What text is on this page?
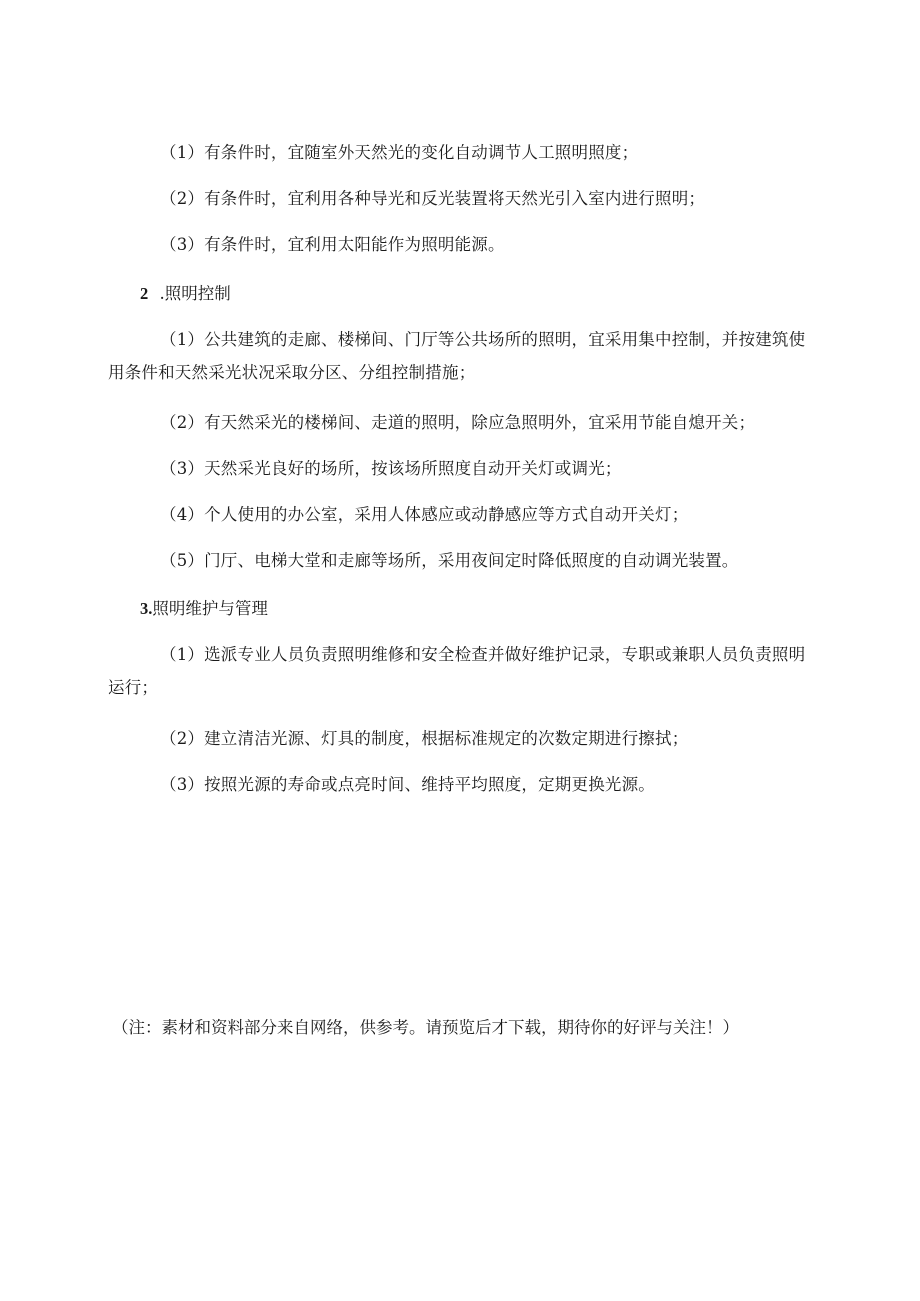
（1）有条件时，宜随室外天然光的变化自动调节人工照明照度；
（2）有条件时，宜利用各种导光和反光装置将天然光引入室内进行照明；
（3）有条件时，宜利用太阳能作为照明能源。
2 .照明控制
（1）公共建筑的走廊、楼梯间、门厅等公共场所的照明，宜采用集中控制，并按建筑使用条件和天然采光状况采取分区、分组控制措施；
（2）有天然采光的楼梯间、走道的照明，除应急照明外，宜采用节能自熄开关；
（3）天然采光良好的场所，按该场所照度自动开关灯或调光；
（4）个人使用的办公室，采用人体感应或动静感应等方式自动开关灯；
（5）门厅、电梯大堂和走廊等场所，采用夜间定时降低照度的自动调光装置。
3.照明维护与管理
（1）选派专业人员负责照明维修和安全检查并做好维护记录，专职或兼职人员负责照明运行；
（2）建立清洁光源、灯具的制度，根据标准规定的次数定期进行擦拭；
（3）按照光源的寿命或点亮时间、维持平均照度，定期更换光源。
（注：素材和资料部分来自网络，供参考。请预览后才下载，期待你的好评与关注！）
